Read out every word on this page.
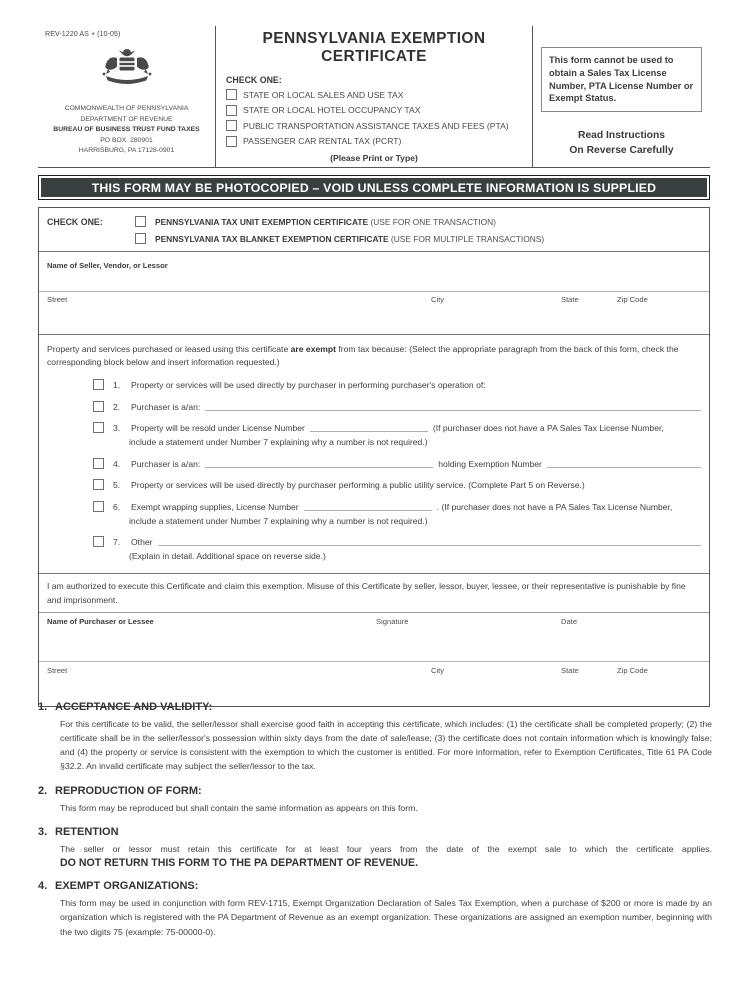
REV-1220 AS + (10-05)
COMMONWEALTH OF PENNSYLVANIA
DEPARTMENT OF REVENUE
BUREAU OF BUSINESS TRUST FUND TAXES
PO BOX  280901
HARRISBURG, PA 17128-0901
PENNSYLVANIA EXEMPTION
CERTIFICATE
CHECK ONE:
STATE OR LOCAL SALES AND USE TAX
STATE OR LOCAL HOTEL OCCUPANCY TAX
PUBLIC TRANSPORTATION ASSISTANCE TAXES AND FEES (PTA)
PASSENGER CAR RENTAL TAX (PCRT)
(Please Print or Type)
This form cannot be used to obtain a Sales Tax License Number, PTA License Number or Exempt Status.
Read Instructions
On Reverse Carefully
THIS FORM MAY BE PHOTOCOPIED – VOID UNLESS COMPLETE INFORMATION IS SUPPLIED
CHECK ONE:	PENNSYLVANIA TAX UNIT EXEMPTION CERTIFICATE (USE FOR ONE TRANSACTION)
PENNSYLVANIA TAX BLANKET EXEMPTION CERTIFICATE (USE FOR MULTIPLE TRANSACTIONS)
Name of Seller, Vendor, or Lessor
Street	City	State	Zip Code
Property and services purchased or leased using this certificate are exempt from tax because: (Select the appropriate paragraph from the back of this form, check the corresponding block below and insert information requested.)
1.	Property or services will be used directly by purchaser in performing purchaser's operation of:
2.	Purchaser is a/an:
3.	Property will be resold under License Number	(If purchaser does not have a PA Sales Tax License Number,
include a statement under Number 7 explaining why a number is not required.)
4.	Purchaser is a/an:	holding Exemption Number
5.	Property or services will be used directly by purchaser performing a public utility service. (Complete Part 5 on Reverse.)
6.	Exempt wrapping supplies, License Number	. (If purchaser does not have a PA Sales Tax License Number,
include a statement under Number 7 explaining why a number is not required.)
7.	Other
(Explain in detail. Additional space on reverse side.)
I am authorized to execute this Certificate and claim this exemption. Misuse of this Certificate by seller, lessor, buyer, lessee, or their representative is punishable by fine and imprisonment.
Name of Purchaser or Lessee	Signature	Date
Street	City	State	Zip Code
1. ACCEPTANCE AND VALIDITY:
For this certificate to be valid, the seller/lessor shall exercise good faith in accepting this certificate, which includes: (1) the certificate shall be completed properly; (2) the certificate shall be in the seller/lessor's possession within sixty days from the date of sale/lease; (3) the certificate does not contain information which is knowingly false; and (4) the property or service is consistent with the exemption to which the customer is entitled. For more information, refer to Exemption Certificates, Title 61 PA Code §32.2. An invalid certificate may subject the seller/lessor to the tax.
2. REPRODUCTION OF FORM:
This form may be reproduced but shall contain the same information as appears on this form.
3. RETENTION
The seller or lessor must retain this certificate for at least four years from the date of the exempt sale to which the certificate applies.
DO NOT RETURN THIS FORM TO THE PA DEPARTMENT OF REVENUE.
4. EXEMPT ORGANIZATIONS:
This form may be used in conjunction with form REV-1715, Exempt Organization Declaration of Sales Tax Exemption, when a purchase of $200 or more is made by an organization which is registered with the PA Department of Revenue as an exempt organization. These organizations are assigned an exemption number, beginning with the two digits 75 (example: 75-00000-0).
